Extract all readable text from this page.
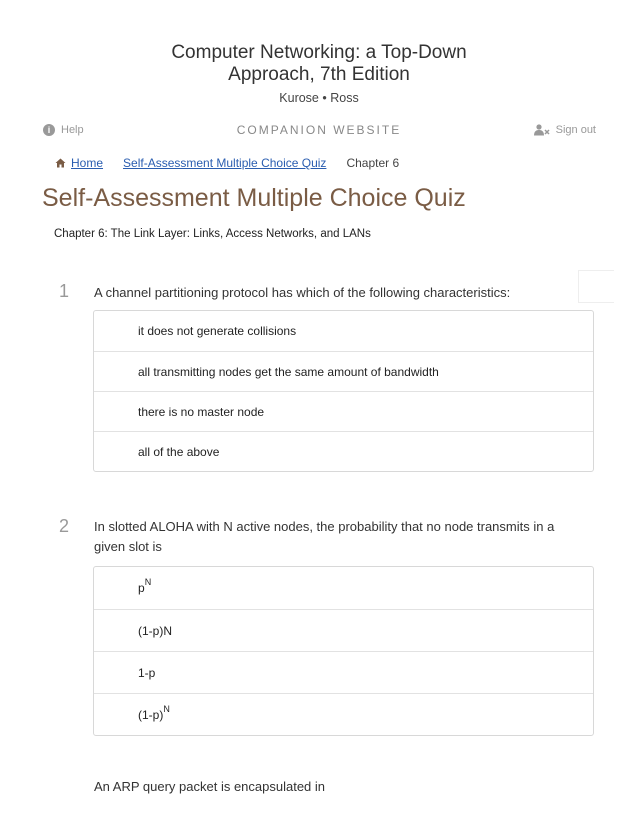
Computer Networking: a Top-Down
Approach, 7th Edition
Kurose • Ross
i Help	COMPANION WEBSITE	Sign out
Home Self-Assessment Multiple Choice Quiz Chapter 6
Self-Assessment Multiple Choice Quiz
Chapter 6: The Link Layer: Links, Access Networks, and LANs
1 A channel partitioning protocol has which of the following characteristics:
it does not generate collisions
all transmitting nodes get the same amount of bandwidth
there is no master node
all of the above
2 In slotted ALOHA with N active nodes, the probability that no node transmits in a given slot is
p N
(1-p)N
1-p
(1-p) N
An ARP query packet is encapsulated in
